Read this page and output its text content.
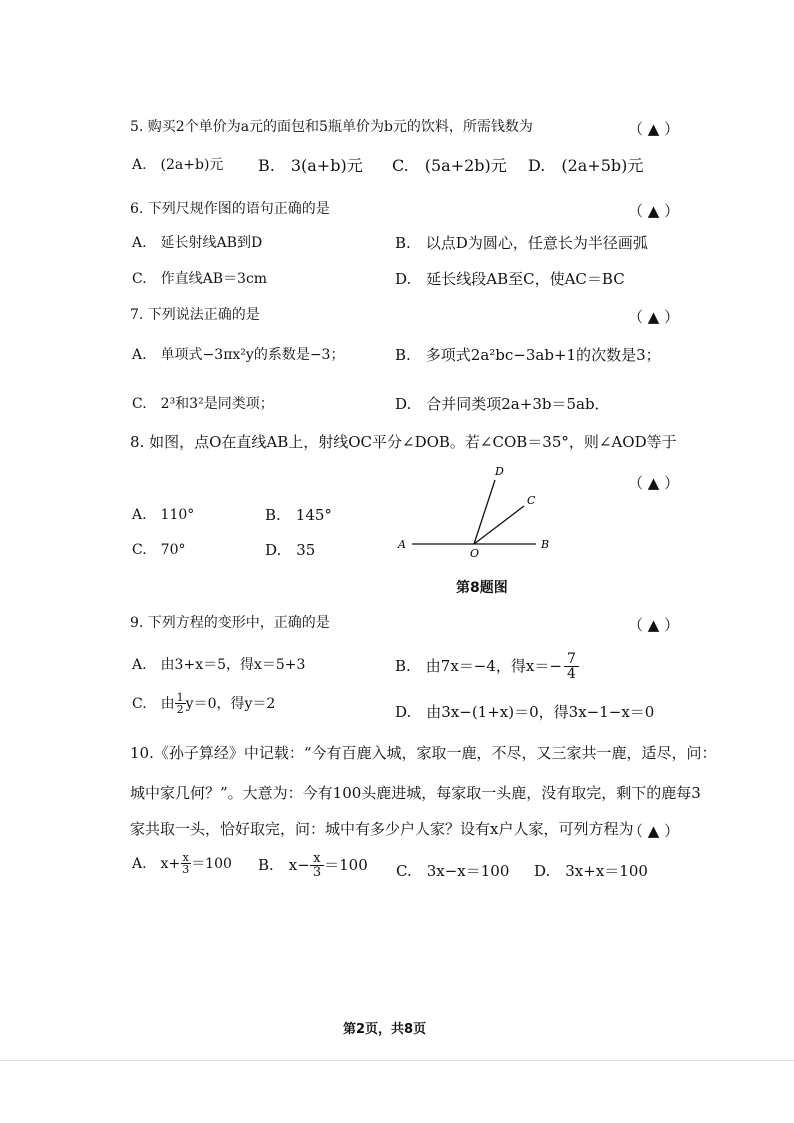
5. 购买2个单价为a元的面包和5瓶单价为b元的饮料，所需钱数为	（ ▲ ）
A.　(2a+b)元 B.　3(a+b)元 C.　(5a+2b)元 D.　(2a+5b)元
6. 下列尺规作图的语句正确的是	（ ▲ ）
A.　延长射线AB到D	B.　以点D为圆心，任意长为半径画弧
C.　作直线AB＝3cm	D.　延长线段AB至C，使AC＝BC
7. 下列说法正确的是	（ ▲ ）
A.　单项式−3πx²y的系数是−3；	B.　多项式2a²bc−3ab+1的次数是3；
C.　2³和3²是同类项；	D.　合并同类项2a+3b＝5ab．
8. 如图，点O在直线AB上，射线OC平分∠DOB。若∠COB＝35°，则∠AOD等于
（ ▲ ）
A.　110°	B.　145°
C.　70°	D.　35	A
O
B
C
D
第8题图
9. 下列方程的变形中，正确的是	（ ▲ ）
A.　由3+x＝5，得x＝5+3	B.　由7x＝−4，得$x=- \frac{7}{4}$
C.　由 $\frac{1}{2} y=0$，得y＝2	D.　由3x−(1+x)＝0，得3x−1−x＝0
10.《孙子算经》中记载：“今有百鹿入城，家取一鹿，不尽，又三家共一鹿，适尽，问：
城中家几何？”。大意为：今有100头鹿进城，每家取一头鹿，没有取完，剩下的鹿每3
家共取一头，恰好取完，问：城中有多少户人家？设有x户人家，可列方程为
（ ▲ ）
A.　$x+ \frac{x}{3} =100$ B.　$x- \frac{x}{3} =100$ C.　3x−x＝100 D.　3x+x＝100
第2页，共8页
